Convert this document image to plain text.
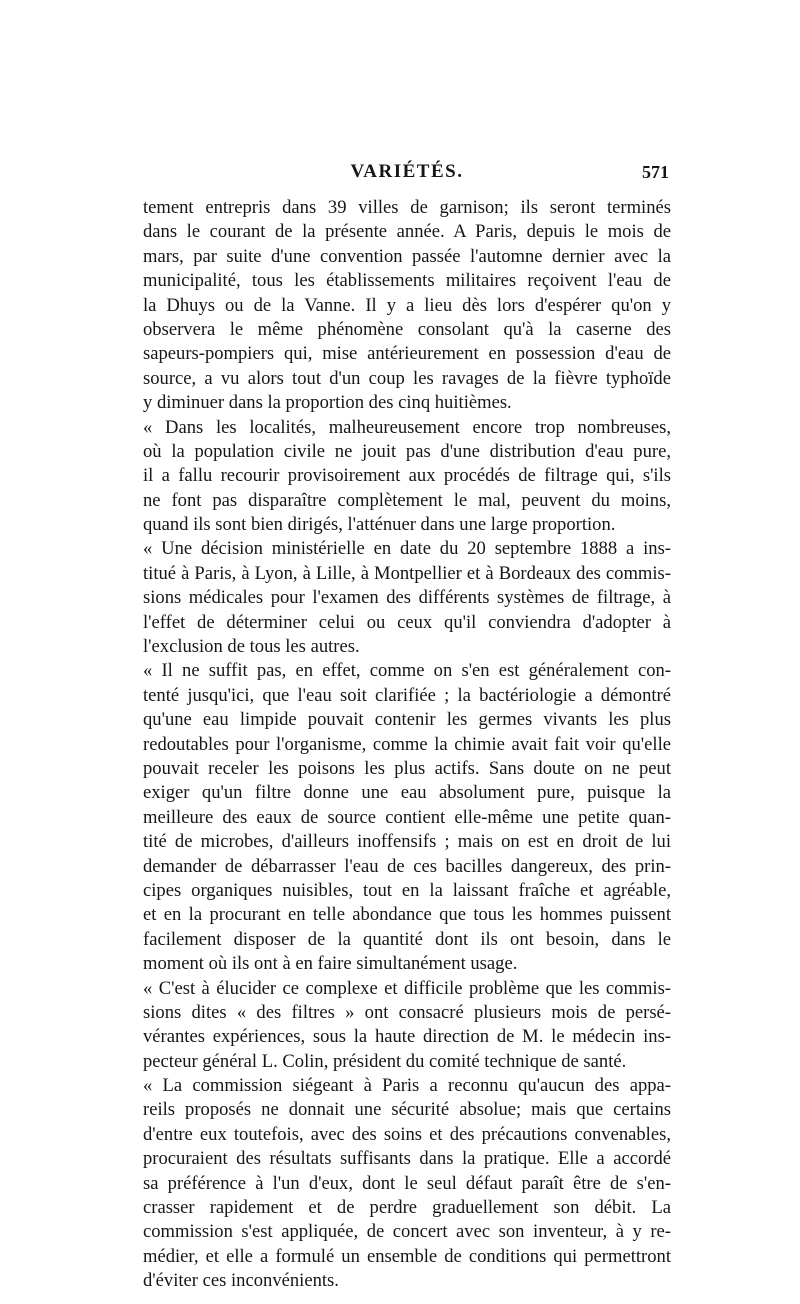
VARIÉTÉS.	571
tement entrepris dans 39 villes de garnison; ils seront terminés
dans le courant de la présente année. A Paris, depuis le mois de
mars, par suite d'une convention passée l'automne dernier avec la
municipalité, tous les établissements militaires reçoivent l'eau de
la Dhuys ou de la Vanne. Il y a lieu dès lors d'espérer qu'on y
observera le même phénomène consolant qu'à la caserne des
sapeurs-pompiers qui, mise antérieurement en possession d'eau de
source, a vu alors tout d'un coup les ravages de la fièvre typhoïde
y diminuer dans la proportion des cinq huitièmes.
« Dans les localités, malheureusement encore trop nombreuses,
où la population civile ne jouit pas d'une distribution d'eau pure,
il a fallu recourir provisoirement aux procédés de filtrage qui, s'ils
ne font pas disparaître complètement le mal, peuvent du moins,
quand ils sont bien dirigés, l'atténuer dans une large proportion.
« Une décision ministérielle en date du 20 septembre 1888 a ins-
titué à Paris, à Lyon, à Lille, à Montpellier et à Bordeaux des commis-
sions médicales pour l'examen des différents systèmes de filtrage, à
l'effet de déterminer celui ou ceux qu'il conviendra d'adopter à
l'exclusion de tous les autres.
« Il ne suffit pas, en effet, comme on s'en est généralement con-
tenté jusqu'ici, que l'eau soit clarifiée ; la bactériologie a démontré
qu'une eau limpide pouvait contenir les germes vivants les plus
redoutables pour l'organisme, comme la chimie avait fait voir qu'elle
pouvait receler les poisons les plus actifs. Sans doute on ne peut
exiger qu'un filtre donne une eau absolument pure, puisque la
meilleure des eaux de source contient elle-même une petite quan-
tité de microbes, d'ailleurs inoffensifs ; mais on est en droit de lui
demander de débarrasser l'eau de ces bacilles dangereux, des prin-
cipes organiques nuisibles, tout en la laissant fraîche et agréable,
et en la procurant en telle abondance que tous les hommes puissent
facilement disposer de la quantité dont ils ont besoin, dans le
moment où ils ont à en faire simultanément usage.
« C'est à élucider ce complexe et difficile problème que les commis-
sions dites « des filtres » ont consacré plusieurs mois de persé-
vérantes expériences, sous la haute direction de M. le médecin ins-
pecteur général L. Colin, président du comité technique de santé.
« La commission siégeant à Paris a reconnu qu'aucun des appa-
reils proposés ne donnait une sécurité absolue; mais que certains
d'entre eux toutefois, avec des soins et des précautions convenables,
procuraient des résultats suffisants dans la pratique. Elle a accordé
sa préférence à l'un d'eux, dont le seul défaut paraît être de s'en-
crasser rapidement et de perdre graduellement son débit. La
commission s'est appliquée, de concert avec son inventeur, à y re-
médier, et elle a formulé un ensemble de conditions qui permettront
d'éviter ces inconvénients.
